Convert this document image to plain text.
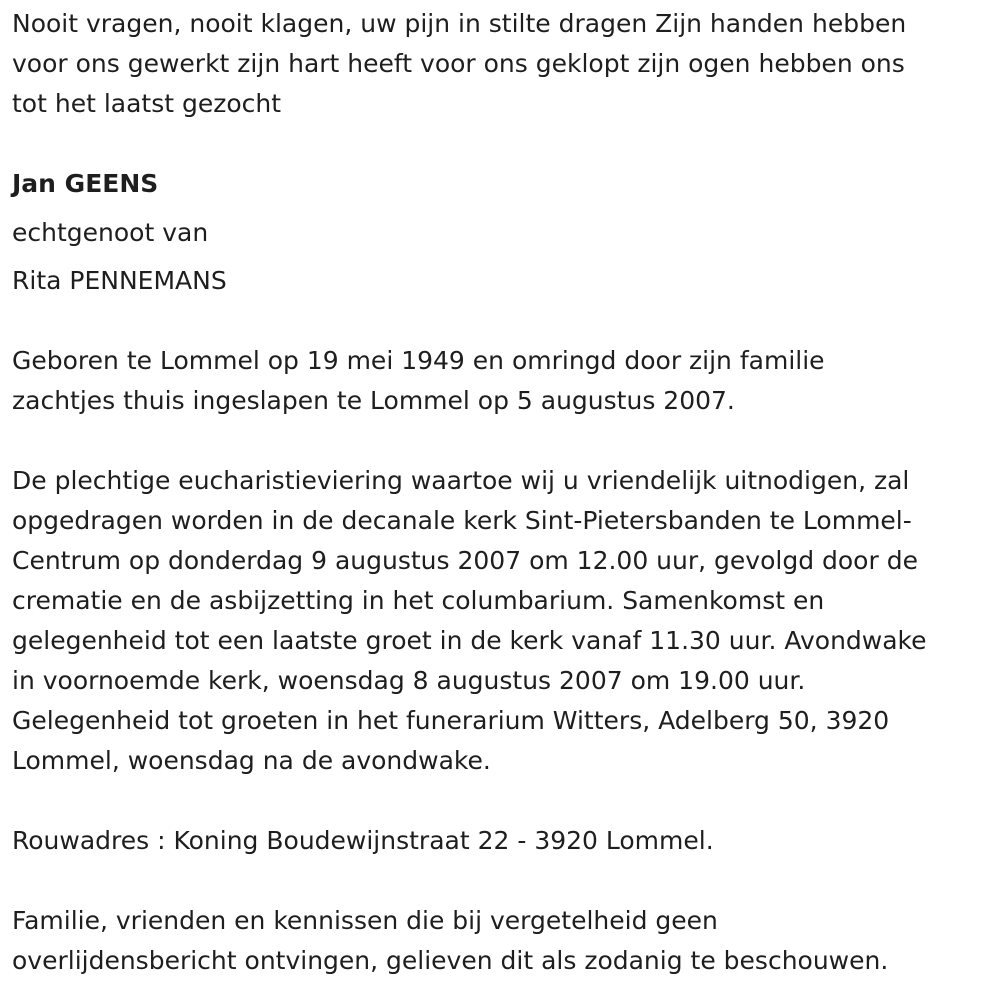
Nooit vragen, nooit klagen, uw pijn in stilte dragen Zijn handen hebben
voor ons gewerkt zijn hart heeft voor ons geklopt zijn ogen hebben ons
tot het laatst gezocht
Jan GEENS
echtgenoot van
Rita PENNEMANS
Geboren te Lommel op 19 mei 1949 en omringd door zijn familie
zachtjes thuis ingeslapen te Lommel op 5 augustus 2007.
De plechtige eucharistieviering waartoe wij u vriendelijk uitnodigen, zal
opgedragen worden in de decanale kerk Sint-Pietersbanden te Lommel-
Centrum op donderdag 9 augustus 2007 om 12.00 uur, gevolgd door de
crematie en de asbijzetting in het columbarium. Samenkomst en
gelegenheid tot een laatste groet in de kerk vanaf 11.30 uur. Avondwake
in voornoemde kerk, woensdag 8 augustus 2007 om 19.00 uur.
Gelegenheid tot groeten in het funerarium Witters, Adelberg 50, 3920
Lommel, woensdag na de avondwake.
Rouwadres : Koning Boudewijnstraat 22 - 3920 Lommel.
Familie, vrienden en kennissen die bij vergetelheid geen
overlijdensbericht ontvingen, gelieven dit als zodanig te beschouwen.
